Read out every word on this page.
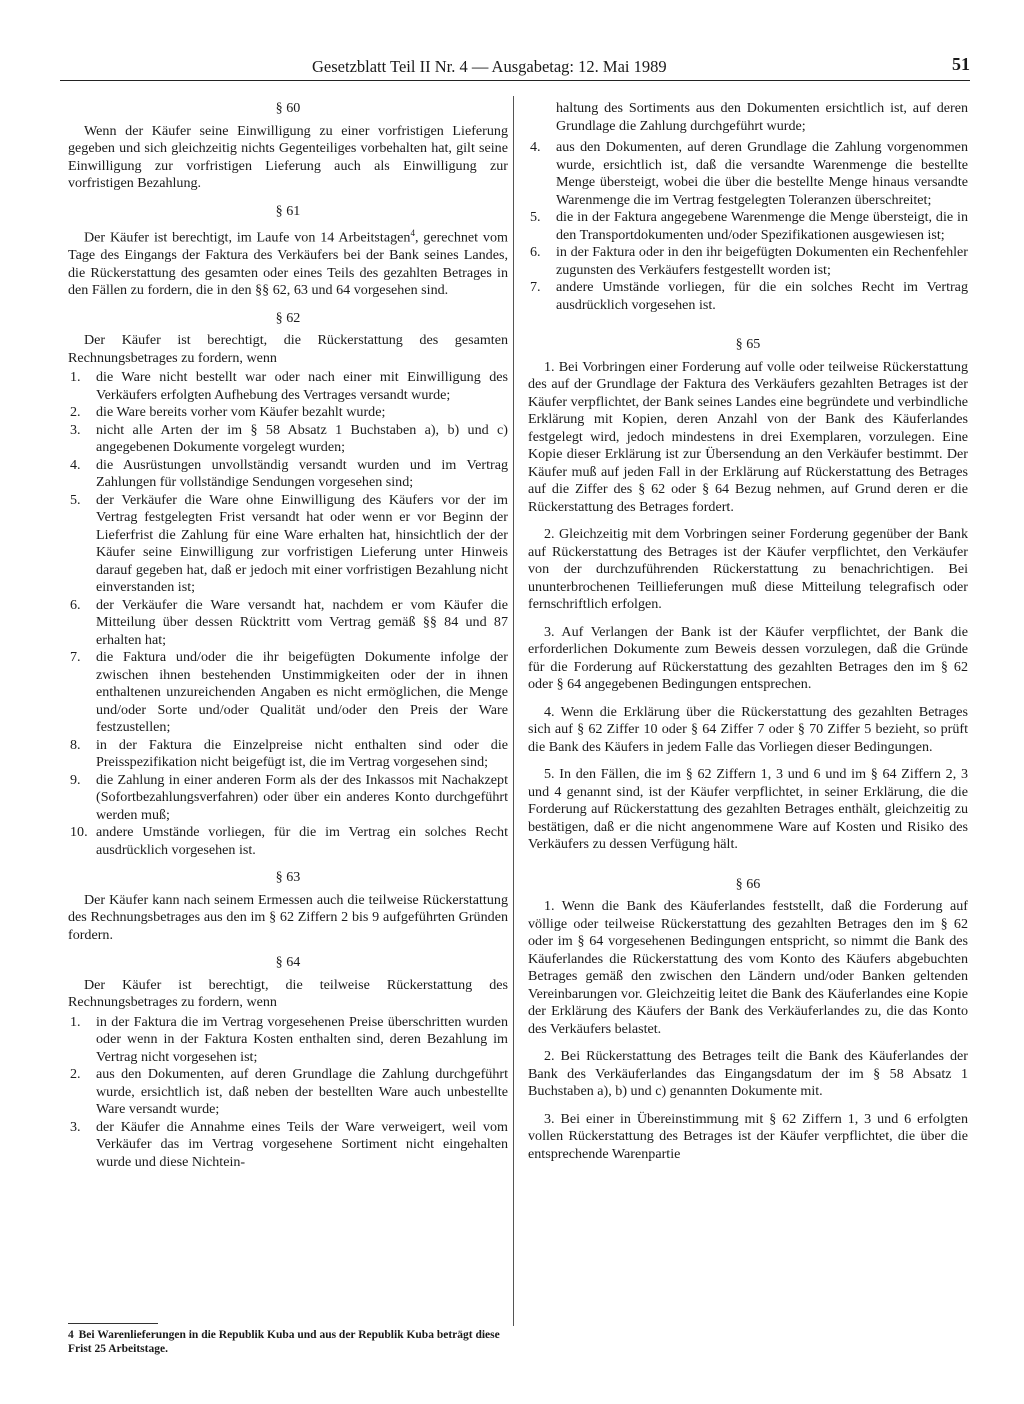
Gesetzblatt Teil II Nr. 4 — Ausgabetag: 12. Mai 1989	51
§ 60

Wenn der Käufer seine Einwilligung zu einer vorfristigen Lieferung gegeben und sich gleichzeitig nichts Gegenteiliges vorbehalten hat, gilt seine Einwilligung zur vorfristigen Lieferung auch als Einwilligung zur vorfristigen Bezahlung.

§ 61

Der Käufer ist berechtigt, im Laufe von 14 Arbeitstagen$^4$, gerechnet vom Tage des Eingangs der Faktura des Verkäufers bei der Bank seines Landes, die Rückerstattung des gesamten oder eines Teils des gezahlten Betrages in den Fällen zu fordern, die in den §§ 62, 63 und 64 vorgesehen sind.

§ 62

Der Käufer ist berechtigt, die Rückerstattung des gesamten Rechnungsbetrages zu fordern, wenn

1.	die Ware nicht bestellt war oder nach einer mit Einwilligung des Verkäufers erfolgten Aufhebung des Vertrages versandt wurde;
2.	die Ware bereits vorher vom Käufer bezahlt wurde;
3.	nicht alle Arten der im § 58 Absatz 1 Buchstaben a), b) und c) angegebenen Dokumente vorgelegt wurden;
4.	die Ausrüstungen unvollständig versandt wurden und im Vertrag Zahlungen für vollständige Sendungen vorgesehen sind;
5.	der Verkäufer die Ware ohne Einwilligung des Käufers vor der im Vertrag festgelegten Frist versandt hat oder wenn er vor Beginn der Lieferfrist die Zahlung für eine Ware erhalten hat, hinsichtlich der der Käufer seine Einwilligung zur vorfristigen Lieferung unter Hinweis darauf gegeben hat, daß er jedoch mit einer vorfristigen Bezahlung nicht einverstanden ist;
6.	der Verkäufer die Ware versandt hat, nachdem er vom Käufer die Mitteilung über dessen Rücktritt vom Vertrag gemäß §§ 84 und 87 erhalten hat;
7.	die Faktura und/oder die ihr beigefügten Dokumente infolge der zwischen ihnen bestehenden Unstimmigkeiten oder der in ihnen enthaltenen unzureichenden Angaben es nicht ermöglichen, die Menge und/oder Sorte und/oder Qualität und/oder den Preis der Ware festzustellen;
8.	in der Faktura die Einzelpreise nicht enthalten sind oder die Preisspezifikation nicht beigefügt ist, die im Vertrag vorgesehen sind;
9.	die Zahlung in einer anderen Form als der des Inkassos mit Nachakzept (Sofortbezahlungsverfahren) oder über ein anderes Konto durchgeführt werden muß;
10. andere Umstände vorliegen, für die im Vertrag ein solches Recht ausdrücklich vorgesehen ist.
§ 63

Der Käufer kann nach seinem Ermessen auch die teilweise Rückerstattung des Rechnungsbetrages aus den im § 62 Ziffern 2 bis 9 aufgeführten Gründen fordern.

§ 64

Der Käufer ist berechtigt, die teilweise Rückerstattung des Rechnungsbetrages zu fordern, wenn

1.	in der Faktura die im Vertrag vorgesehenen Preise überschritten wurden oder wenn in der Faktura Kosten enthalten sind, deren Bezahlung im Vertrag nicht vorgesehen ist;
2.	aus den Dokumenten, auf deren Grundlage die Zahlung durchgeführt wurde, ersichtlich ist, daß neben der bestellten Ware auch unbestellte Ware versandt wurde;
3.	der Käufer die Annahme eines Teils der Ware verweigert, weil vom Verkäufer das im Vertrag vorgesehene Sortiment nicht eingehalten wurde und diese Nichtein-
4 Bei Warenlieferungen in die Republik Kuba und aus der Republik Kuba beträgt diese Frist 25 Arbeitstage.
haltung des Sortiments aus den Dokumenten ersichtlich ist, auf deren Grundlage die Zahlung durchgeführt wurde;
4.	aus den Dokumenten, auf deren Grundlage die Zahlung vorgenommen wurde, ersichtlich ist, daß die versandte Warenmenge die bestellte Menge übersteigt, wobei die über die bestellte Menge hinaus versandte Warenmenge die im Vertrag festgelegten Toleranzen überschreitet;
5.	die in der Faktura angegebene Warenmenge die Menge übersteigt, die in den Transportdokumenten und/oder Spezifikationen ausgewiesen ist;
6.	in der Faktura oder in den ihr beigefügten Dokumenten ein Rechenfehler zugunsten des Verkäufers festgestellt worden ist;
7.	andere Umstände vorliegen, für die ein solches Recht im Vertrag ausdrücklich vorgesehen ist.
§ 65

1. Bei Vorbringen einer Forderung auf volle oder teilweise Rückerstattung des auf der Grundlage der Faktura des Verkäufers gezahlten Betrages ist der Käufer verpflichtet, der Bank seines Landes eine begründete und verbindliche Erklärung mit Kopien, deren Anzahl von der Bank des Käuferlandes festgelegt wird, jedoch mindestens in drei Exemplaren, vorzulegen. Eine Kopie dieser Erklärung ist zur Übersendung an den Verkäufer bestimmt. Der Käufer muß auf jeden Fall in der Erklärung auf Rückerstattung des Betrages auf die Ziffer des § 62 oder § 64 Bezug nehmen, auf Grund deren er die Rückerstattung des Betrages fordert.

2. Gleichzeitig mit dem Vorbringen seiner Forderung gegenüber der Bank auf Rückerstattung des Betrages ist der Käufer verpflichtet, den Verkäufer von der durchzuführenden Rückerstattung zu benachrichtigen. Bei ununterbrochenen Teillieferungen muß diese Mitteilung telegrafisch oder fernschriftlich erfolgen.

3. Auf Verlangen der Bank ist der Käufer verpflichtet, der Bank die erforderlichen Dokumente zum Beweis dessen vorzulegen, daß die Gründe für die Forderung auf Rückerstattung des gezahlten Betrages den im § 62 oder § 64 angegebenen Bedingungen entsprechen.

4. Wenn die Erklärung über die Rückerstattung des gezahlten Betrages sich auf § 62 Ziffer 10 oder § 64 Ziffer 7 oder § 70 Ziffer 5 bezieht, so prüft die Bank des Käufers in jedem Falle das Vorliegen dieser Bedingungen.

5. In den Fällen, die im § 62 Ziffern 1, 3 und 6 und im § 64 Ziffern 2, 3 und 4 genannt sind, ist der Käufer verpflichtet, in seiner Erklärung, die die Forderung auf Rückerstattung des gezahlten Betrages enthält, gleichzeitig zu bestätigen, daß er die nicht angenommene Ware auf Kosten und Risiko des Verkäufers zu dessen Verfügung hält.

§ 66

1. Wenn die Bank des Käuferlandes feststellt, daß die Forderung auf völlige oder teilweise Rückerstattung des gezahlten Betrages den im § 62 oder im § 64 vorgesehenen Bedingungen entspricht, so nimmt die Bank des Käuferlandes die Rückerstattung des vom Konto des Käufers abgebuchten Betrages gemäß den zwischen den Ländern und/oder Banken geltenden Vereinbarungen vor. Gleichzeitig leitet die Bank des Käuferlandes eine Kopie der Erklärung des Käufers der Bank des Verkäuferlandes zu, die das Konto des Verkäufers belastet.

2. Bei Rückerstattung des Betrages teilt die Bank des Käuferlandes der Bank des Verkäuferlandes das Eingangsdatum der im § 58 Absatz 1 Buchstaben a), b) und c) genannten Dokumente mit.

3. Bei einer in Übereinstimmung mit § 62 Ziffern 1, 3 und 6 erfolgten vollen Rückerstattung des Betrages ist der Käufer verpflichtet, die über die entsprechende Warenpartie
